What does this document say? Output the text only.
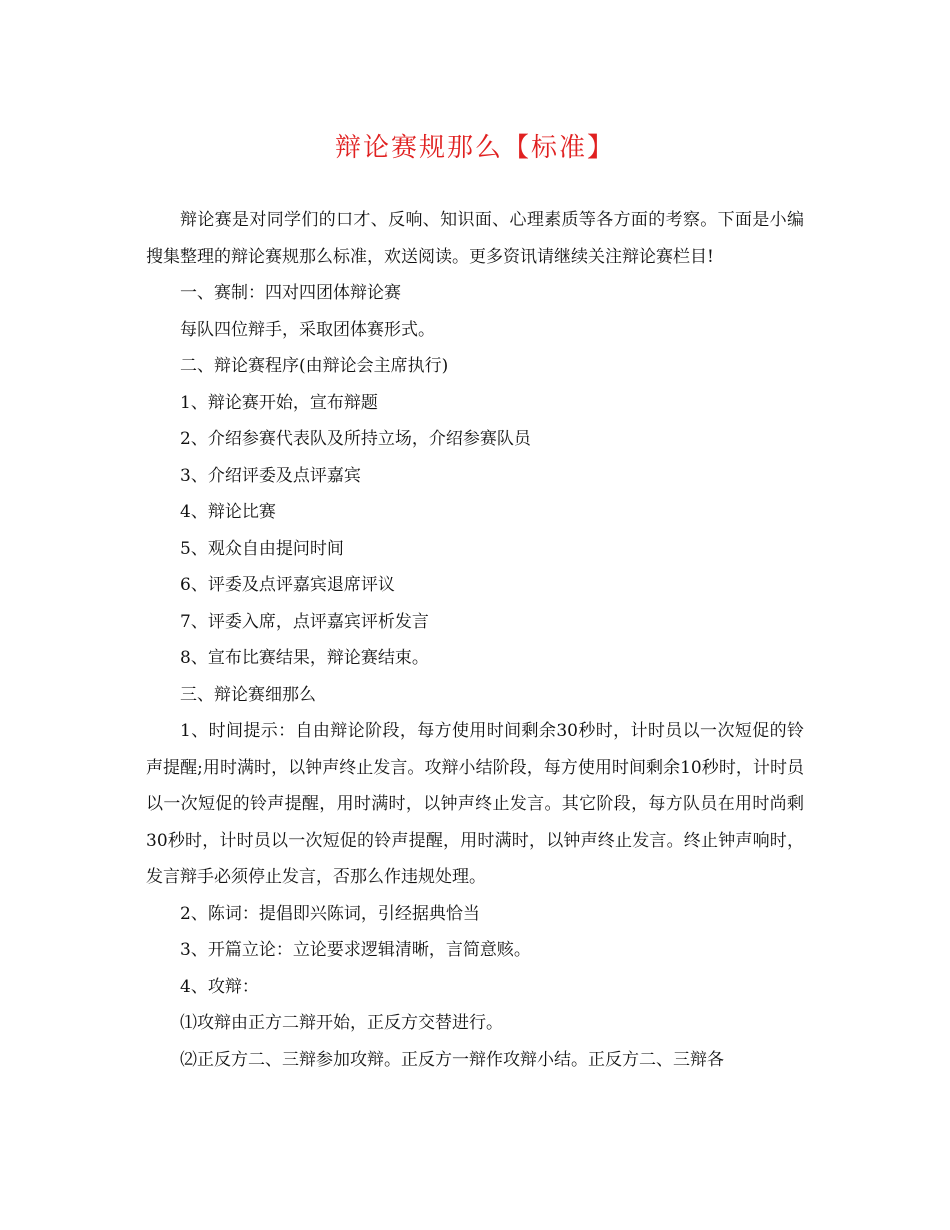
辩论赛规那么【标准】

辩论赛是对同学们的口才、反响、知识面、心理素质等各方面的考察。下面是小编搜集整理的辩论赛规那么标准，欢送阅读。更多资讯请继续关注辩论赛栏目!

一、赛制：四对四团体辩论赛

每队四位辩手，采取团体赛形式。

二、辩论赛程序(由辩论会主席执行)

1、辩论赛开始，宣布辩题

2、介绍参赛代表队及所持立场，介绍参赛队员

3、介绍评委及点评嘉宾

4、辩论比赛

5、观众自由提问时间

6、评委及点评嘉宾退席评议

7、评委入席，点评嘉宾评析发言

8、宣布比赛结果，辩论赛结束。

三、辩论赛细那么

1、时间提示：自由辩论阶段，每方使用时间剩余30秒时，计时员以一次短促的铃声提醒;用时满时，以钟声终止发言。攻辩小结阶段，每方使用时间剩余10秒时，计时员以一次短促的铃声提醒，用时满时，以钟声终止发言。其它阶段，每方队员在用时尚剩30秒时，计时员以一次短促的铃声提醒，用时满时，以钟声终止发言。终止钟声响时，发言辩手必须停止发言，否那么作违规处理。

2、陈词：提倡即兴陈词，引经据典恰当

3、开篇立论：立论要求逻辑清晰，言简意赅。

4、攻辩：

⑴攻辩由正方二辩开始，正反方交替进行。

⑵正反方二、三辩参加攻辩。正反方一辩作攻辩小结。正反方二、三辩各
